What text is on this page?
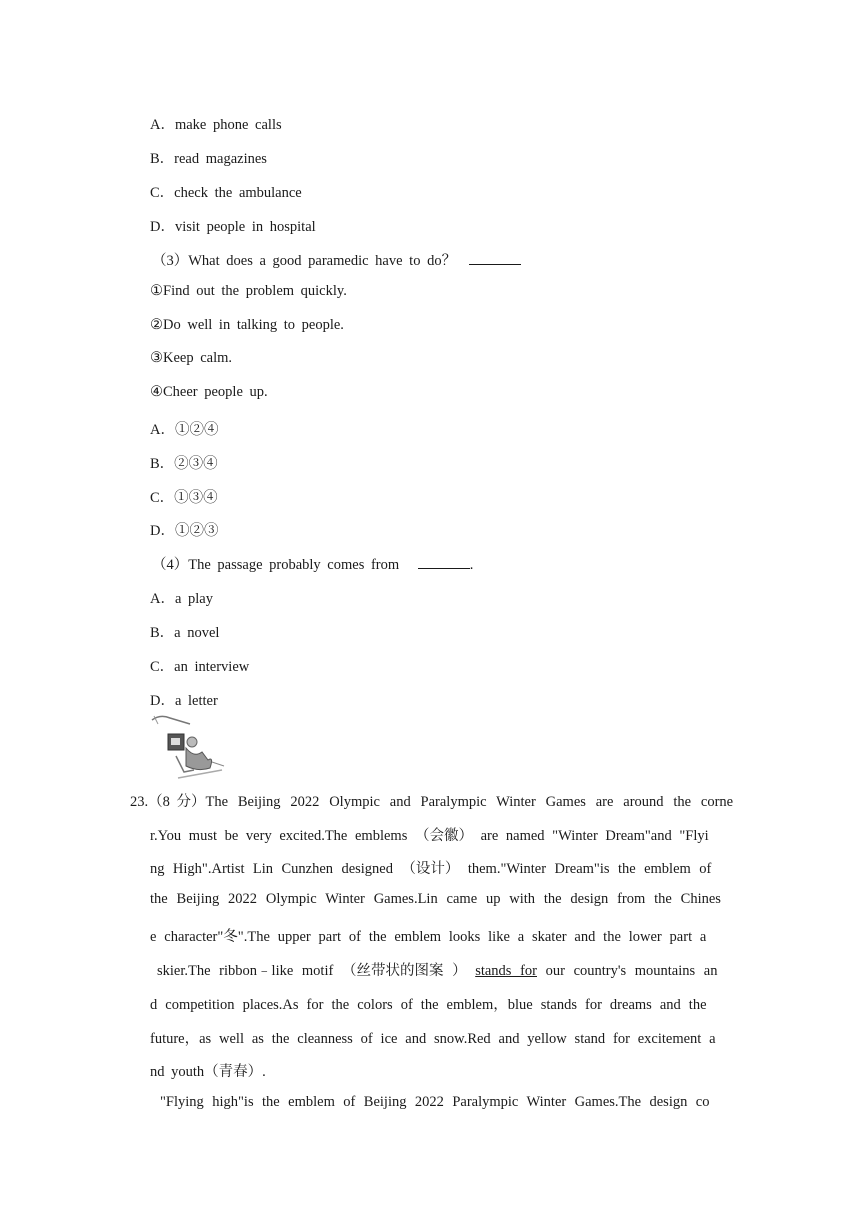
A．make phone calls
B．read magazines
C．check the ambulance
D．visit people in hospital
（3）What does a good paramedic have to do？
①Find out the problem quickly.
②Do well in talking to people.
③Keep calm.
④Cheer people up.
A．①②④
B．②③④
C．①③④
D．①②③
（4）The passage probably comes from	.
A．a play
B．a novel
C．an interview
D．a letter
23.（8 分）The Beijing 2022 Olympic and Paralympic Winter Games are around the corne
r.You must be very excited.The emblems （会徽） are named "Winter Dream"and "Flyi
ng High".Artist Lin Cunzhen designed （设计） them."Winter Dream"is the emblem of
the Beijing 2022 Olympic Winter Games.Lin came up with the design from the Chines
e character"冬".The upper part of the emblem looks like a skater and the lower part a
skier.The ribbon﹣like motif （丝带状的图案 ） stands for our country's mountains an
d competition places.As for the colors of the emblem，blue stands for dreams and the
future，as well as the cleanness of ice and snow.Red and yellow stand for excitement a
nd youth（青春）.
"Flying high"is the emblem of Beijing 2022 Paralympic Winter Games.The design co
